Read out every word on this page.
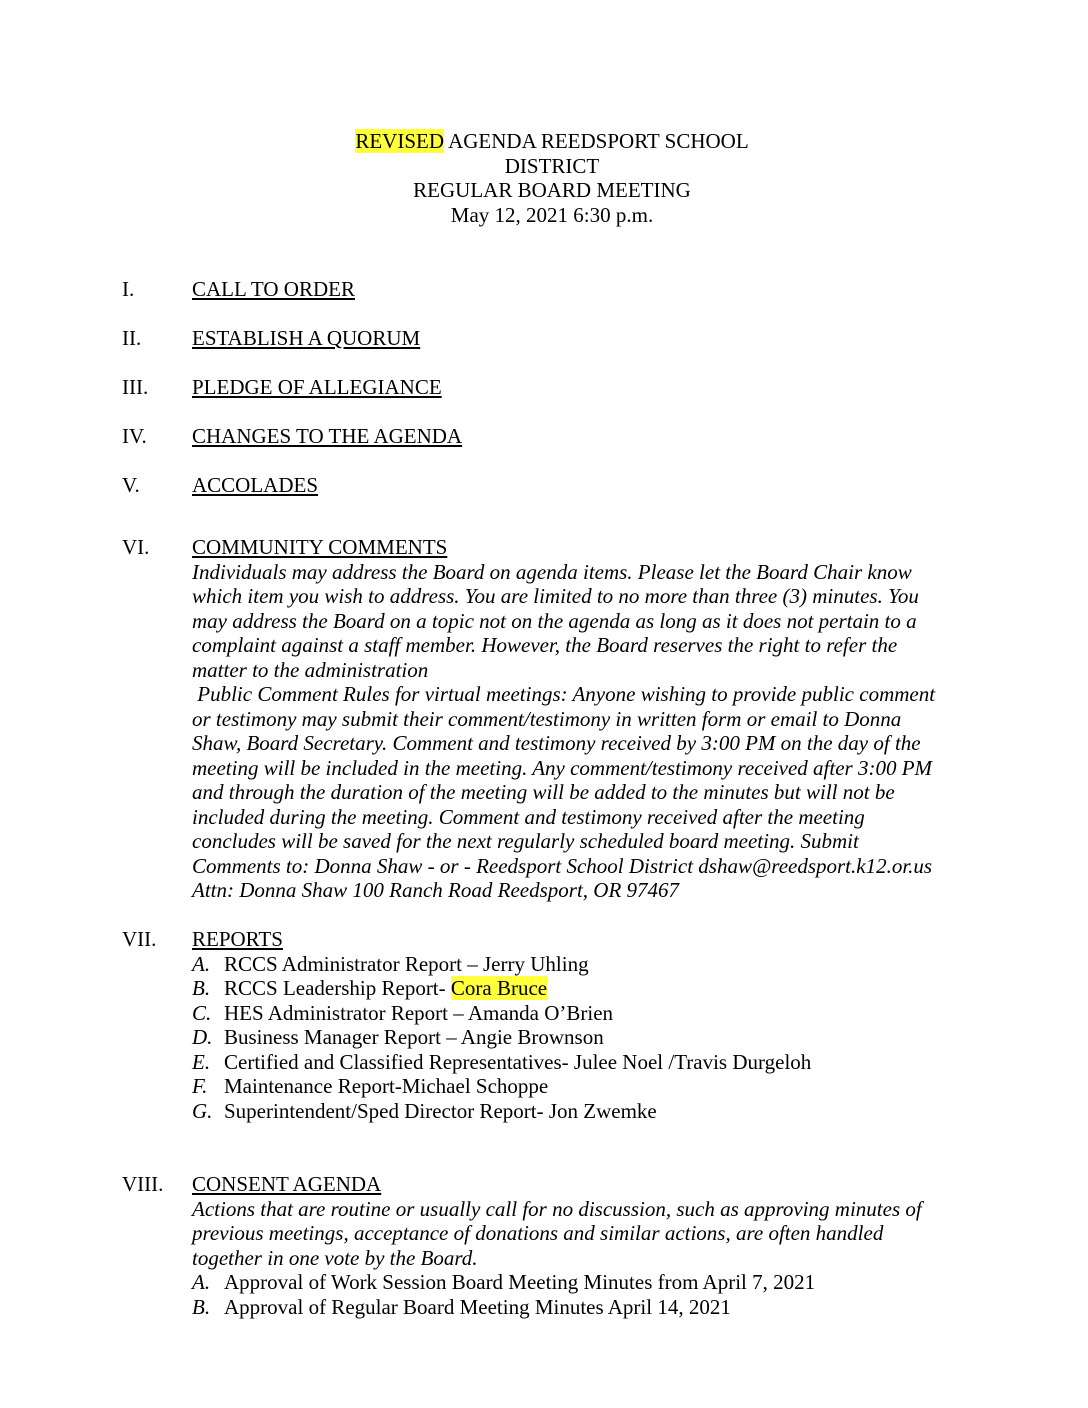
REVISED AGENDA REEDSPORT SCHOOL
DISTRICT
REGULAR BOARD MEETING
May 12, 2021 6:30 p.m.
I.	CALL TO ORDER
II. ESTABLISH A QUORUM
III. PLEDGE OF ALLEGIANCE
IV. CHANGES TO THE AGENDA
V. ACCOLADES
VI. COMMUNITY COMMENTS
Individuals may address the Board on agenda items. Please let the Board Chair know
which item you wish to address. You are limited to no more than three (3) minutes. You
may address the Board on a topic not on the agenda as long as it does not pertain to a
complaint against a staff member. However, the Board reserves the right to refer the
matter to the administration
Public Comment Rules for virtual meetings: Anyone wishing to provide public comment
or testimony may submit their comment/testimony in written form or email to Donna
Shaw, Board Secretary. Comment and testimony received by 3:00 PM on the day of the
meeting will be included in the meeting. Any comment/testimony received after 3:00 PM
and through the duration of the meeting will be added to the minutes but will not be
included during the meeting. Comment and testimony received after the meeting
concludes will be saved for the next regularly scheduled board meeting. Submit
Comments to: Donna Shaw - or - Reedsport School District dshaw@reedsport.k12.or.us
Attn: Donna Shaw 100 Ranch Road Reedsport, OR 97467
VII. REPORTS
A. RCCS Administrator Report – Jerry Uhling
B. RCCS Leadership Report- Cora Bruce
C. HES Administrator Report – Amanda O’Brien
D. Business Manager Report – Angie Brownson
E. Certified and Classified Representatives- Julee Noel /Travis Durgeloh
F. Maintenance Report-Michael Schoppe
G. Superintendent/Sped Director Report- Jon Zwemke
VIII. CONSENT AGENDA
Actions that are routine or usually call for no discussion, such as approving minutes of
previous meetings, acceptance of donations and similar actions, are often handled
together in one vote by the Board.
A. Approval of Work Session Board Meeting Minutes from April 7, 2021
B. Approval of Regular Board Meeting Minutes April 14, 2021
